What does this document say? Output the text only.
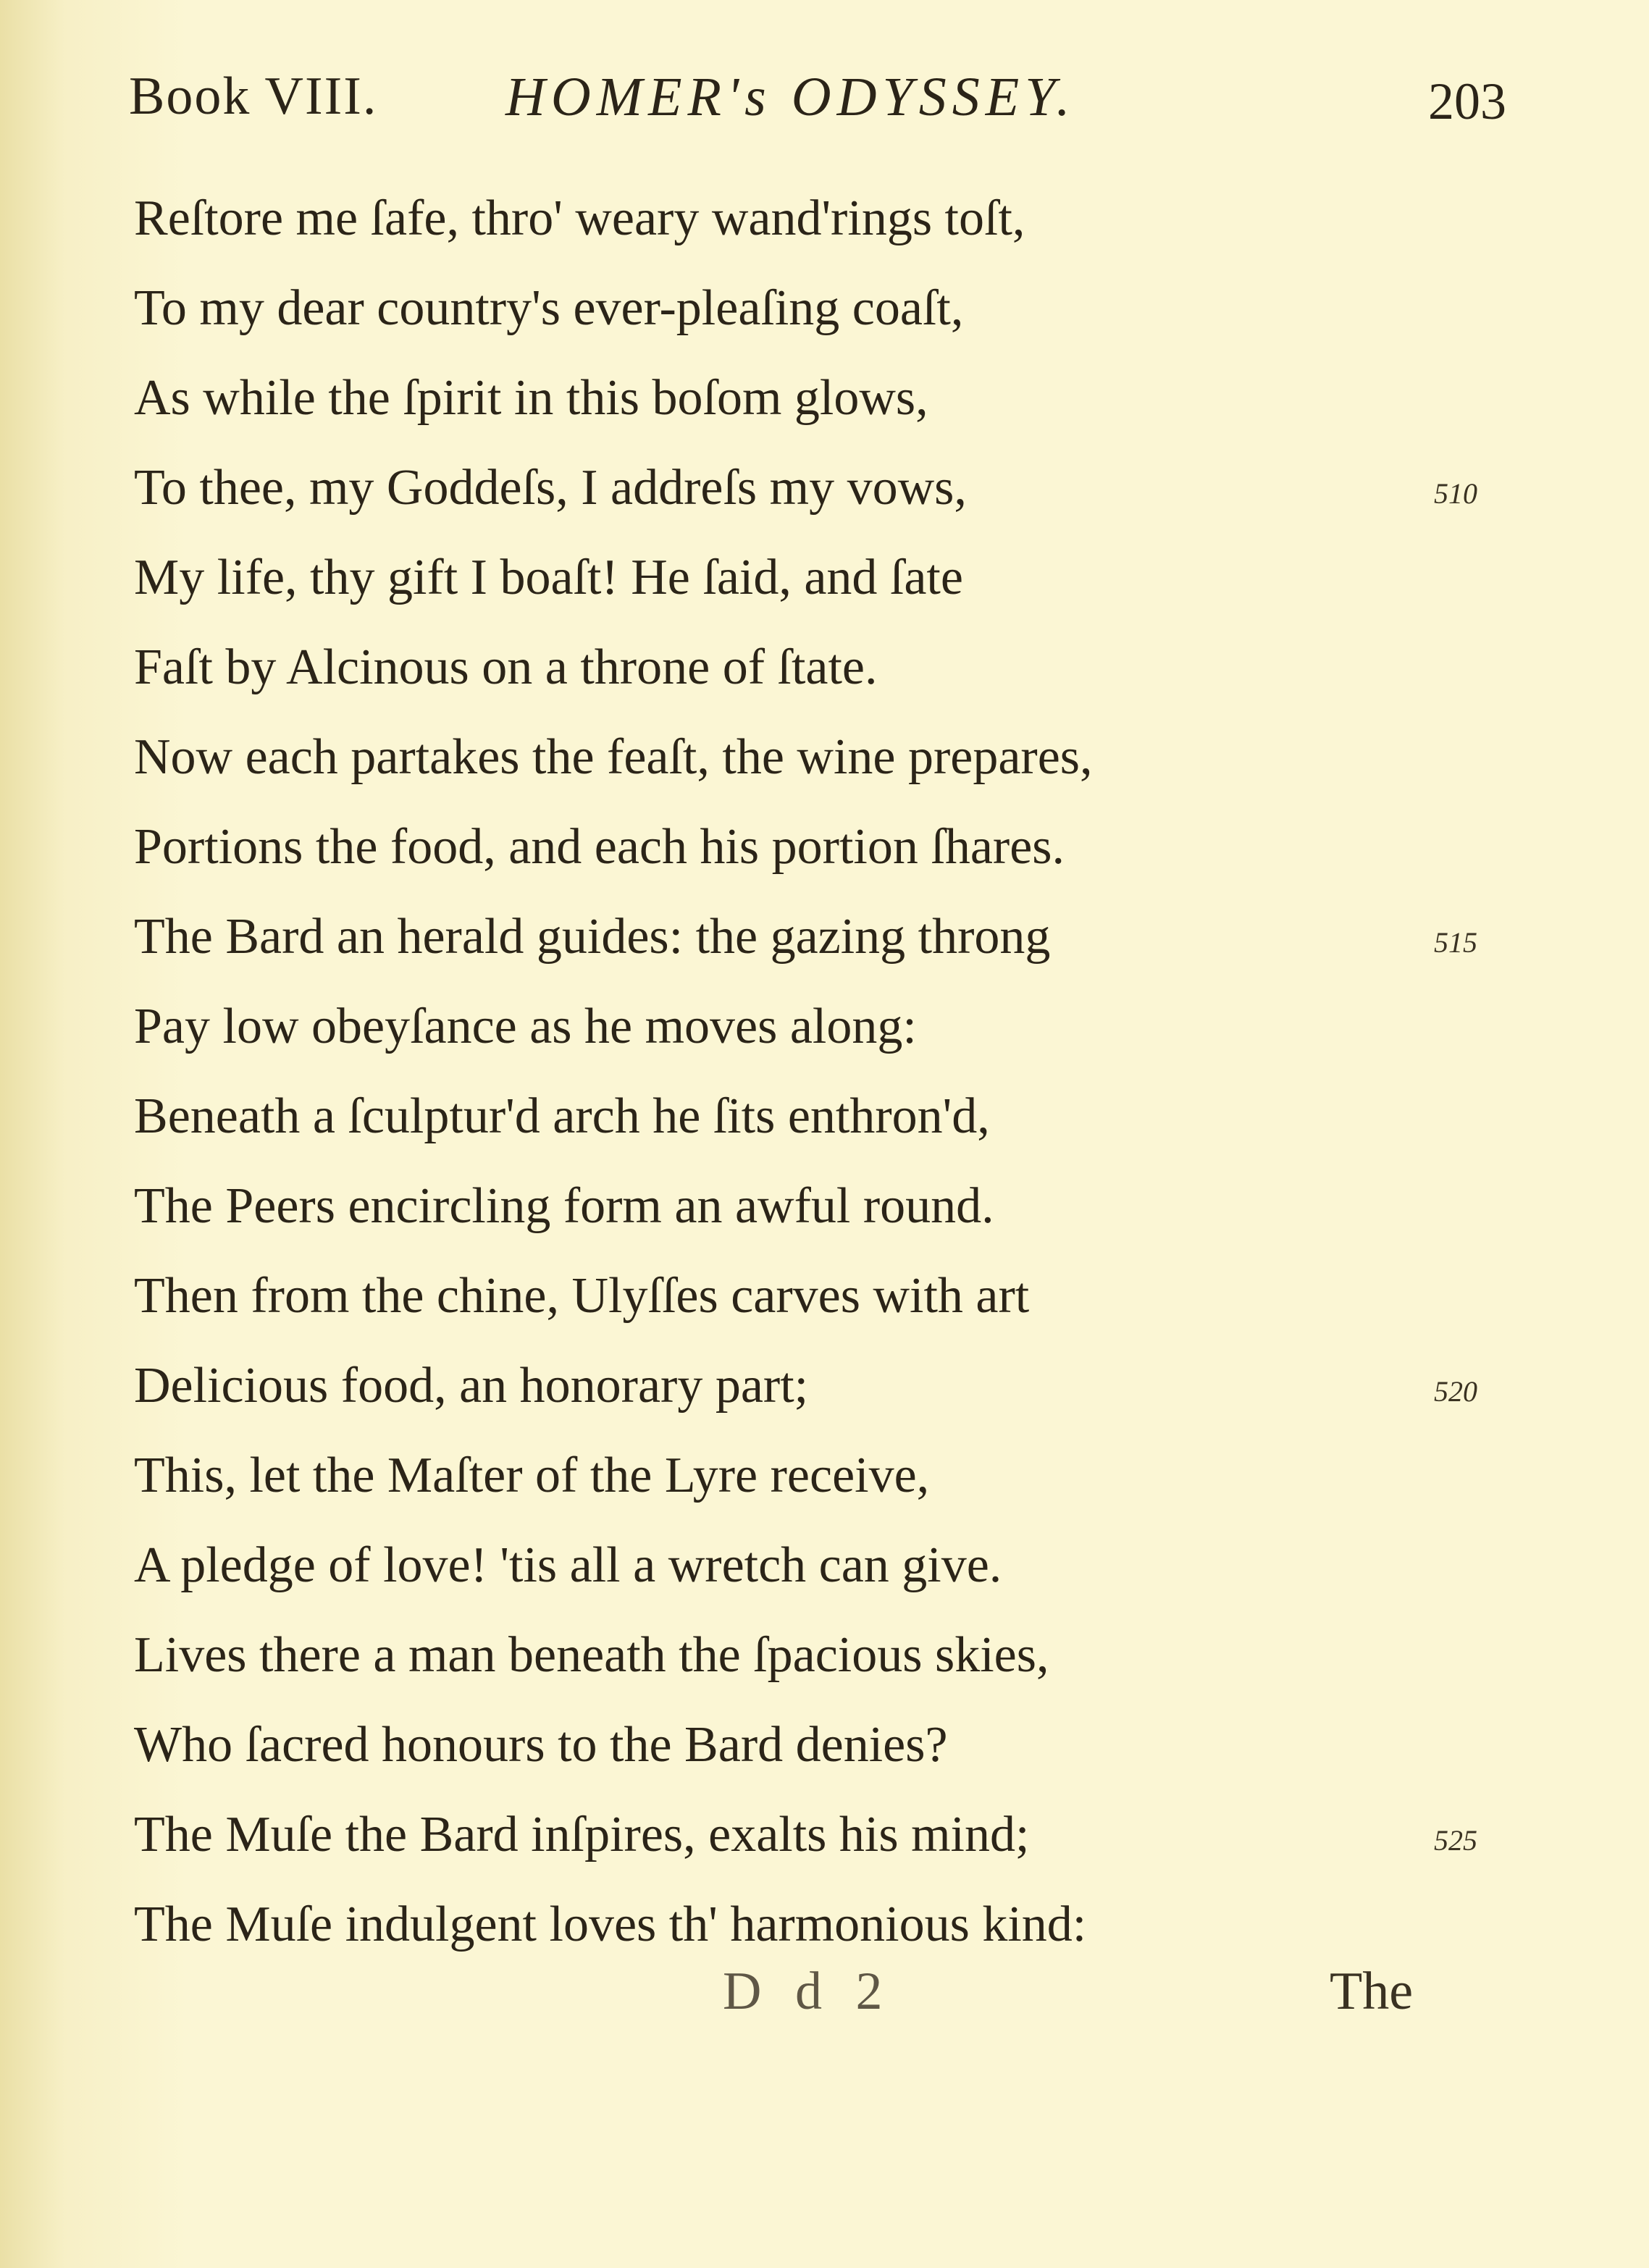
Book VIII. HOMER's ODYSSEY.	203
Reſtore me ſafe, thro' weary wand'rings toſt,
To my dear country's ever-pleaſing coaſt,
As while the ſpirit in this boſom glows,
To thee, my Goddeſs, I addreſs my vows,	510
My life, thy gift I boaſt! He ſaid, and ſate
Faſt by Alcinous on a throne of ſtate.
Now each partakes the feaſt, the wine prepares,
Portions the food, and each his portion ſhares.
The Bard an herald guides: the gazing throng	515
Pay low obeyſance as he moves along:
Beneath a ſculptur'd arch he ſits enthron'd,
The Peers encircling form an awful round.
Then from the chine, Ulyſſes carves with art
Delicious food, an honorary part;	520
This, let the Maſter of the Lyre receive,
A pledge of love! 'tis all a wretch can give.
Lives there a man beneath the ſpacious skies,
Who ſacred honours to the Bard denies?
The Muſe the Bard inſpires, exalts his mind;	525
The Muſe indulgent loves th' harmonious kind:
D d 2	The
